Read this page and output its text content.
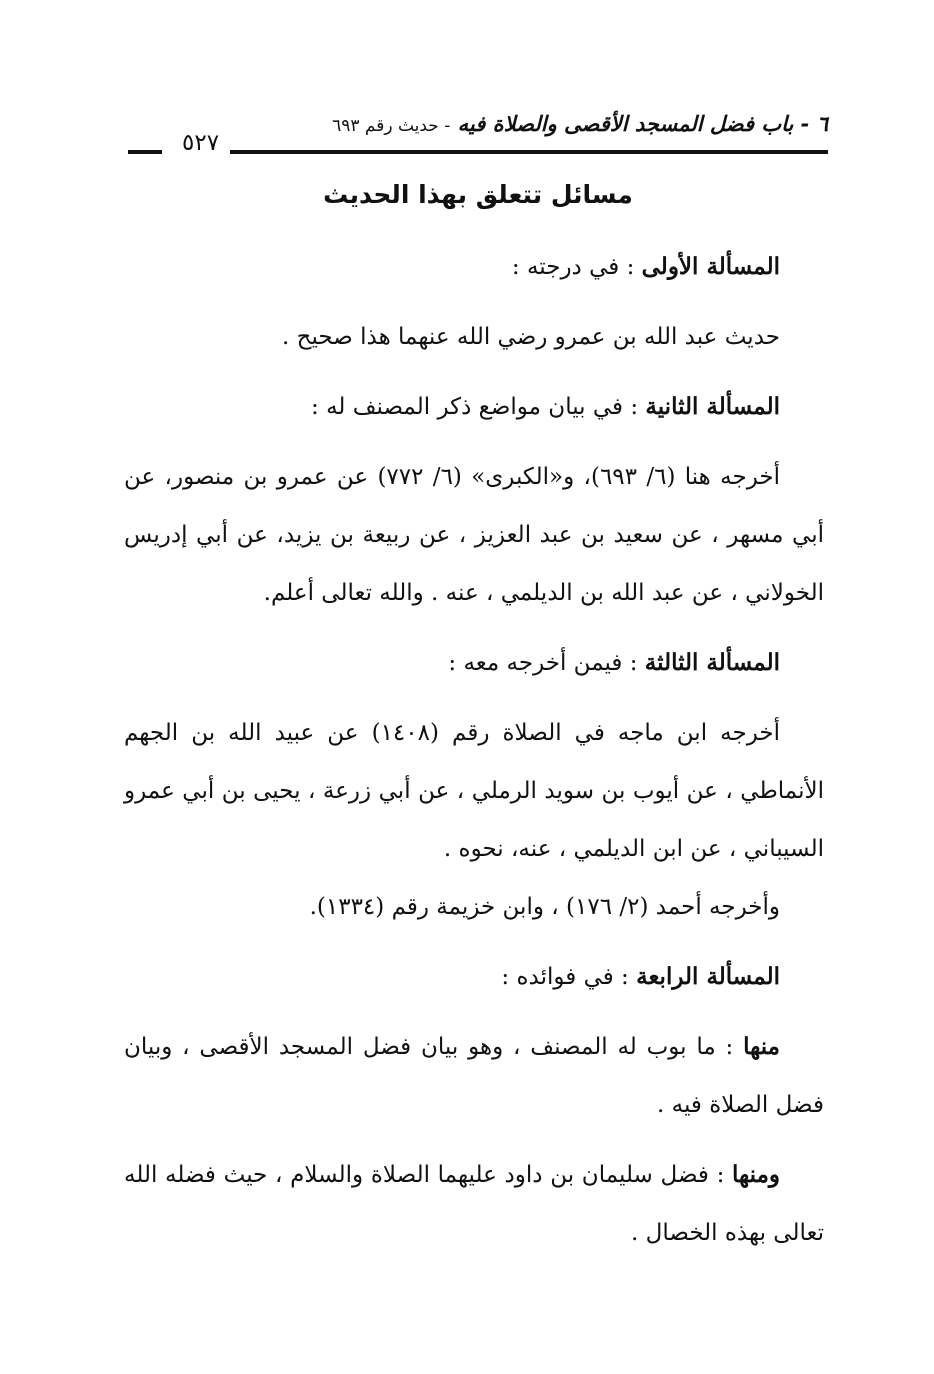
٦ - باب فضل المسجد الأقصى والصلاة فيه - حديث رقم ٦٩٣
٥٢٧
مسائل تتعلق بهذا الحديث

المسألة الأولى : في درجته :

حديث عبد الله بن عمرو رضي الله عنهما هذا صحيح .

المسألة الثانية : في بيان مواضع ذكر المصنف له :

أخرجه هنا (٦/ ٦٩٣)، و«الكبرى» (٦/ ٧٧٢) عن عمرو بن منصور، عن أبي مسهر ، عن سعيد بن عبد العزيز ، عن ربيعة بن يزيد، عن أبي إدريس الخولاني ، عن عبد الله بن الديلمي ، عنه . والله تعالى أعلم.

المسألة الثالثة : فيمن أخرجه معه :

أخرجه ابن ماجه في الصلاة رقم (١٤٠٨) عن عبيد الله بن الجهم الأنماطي ، عن أيوب بن سويد الرملي ، عن أبي زرعة ، يحيى بن أبي عمرو السيباني ، عن ابن الديلمي ، عنه، نحوه .

وأخرجه أحمد (٢/ ١٧٦) ، وابن خزيمة رقم (١٣٣٤).

المسألة الرابعة : في فوائده :

منها : ما بوب له المصنف ، وهو بيان فضل المسجد الأقصى ، وبيان فضل الصلاة فيه .

ومنها : فضل سليمان بن داود عليهما الصلاة والسلام ، حيث فضله الله تعالى بهذه الخصال .
